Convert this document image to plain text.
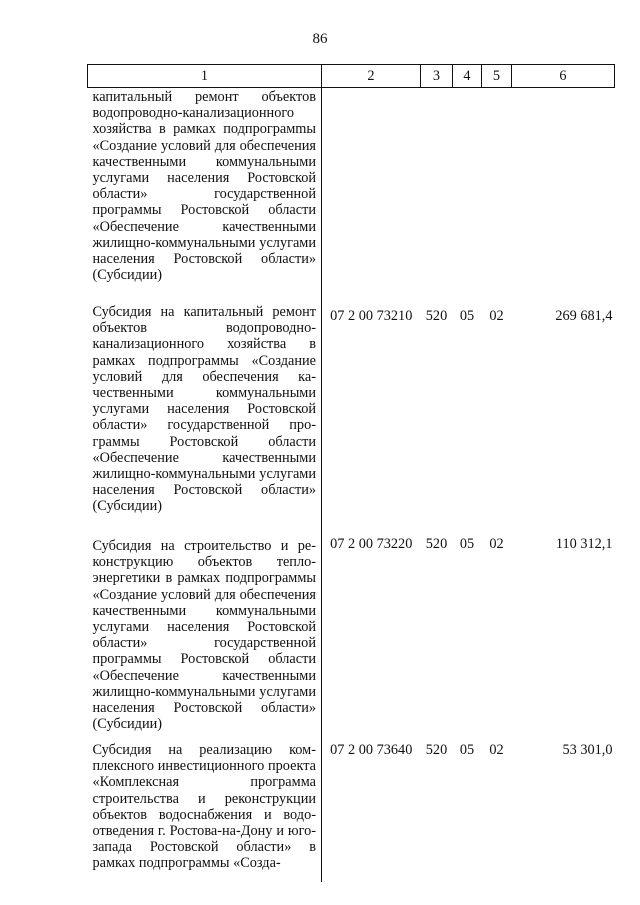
86
1	2	3	4	5	6
капитальный ремонт объектов водопроводно-канализационного хозяйства в рамках подпрограмmы «Создание условий для обеспечения качественными коммунальными услугами населения Ростовской области» государственной программы Ростовской области «Обеспечение качественными жилищно-коммунальными услугами населения Ростовской области» (Субсидии)					
Субсидия на капитальный ремонт объектов водопроводно-канализационного хозяйства в рамках подпрограммы «Создание условий для обеспечения качественными коммунальными услугами населения Ростовской области» государственной программы Ростовской области «Обеспечение качественными жилищно-коммунальными услугами населения Ростовской области» (Субсидии)	07 2 00 73210	520	05	02	269 681,4
Субсидия на строительство и реконструкцию объектов теплоэнергетики в рамках подпрограммы «Создание условий для обеспечения качественными коммунальными услугами населения Ростовской области» государственной программы Ростовской области «Обеспечение качественными жилищно-коммунальными услугами населения Ростовской области» (Субсидии)	07 2 00 73220	520	05	02	110 312,1
Субсидия на реализацию комплексного инвестиционного проекта «Комплексная программа строительства и реконструкции объектов водоснабжения и водоотведения г. Ростова-на-Дону и юго-запада Ростовской области» в рамках подпрограммы «Созда-	07 2 00 73640	520	05	02	53 301,0
